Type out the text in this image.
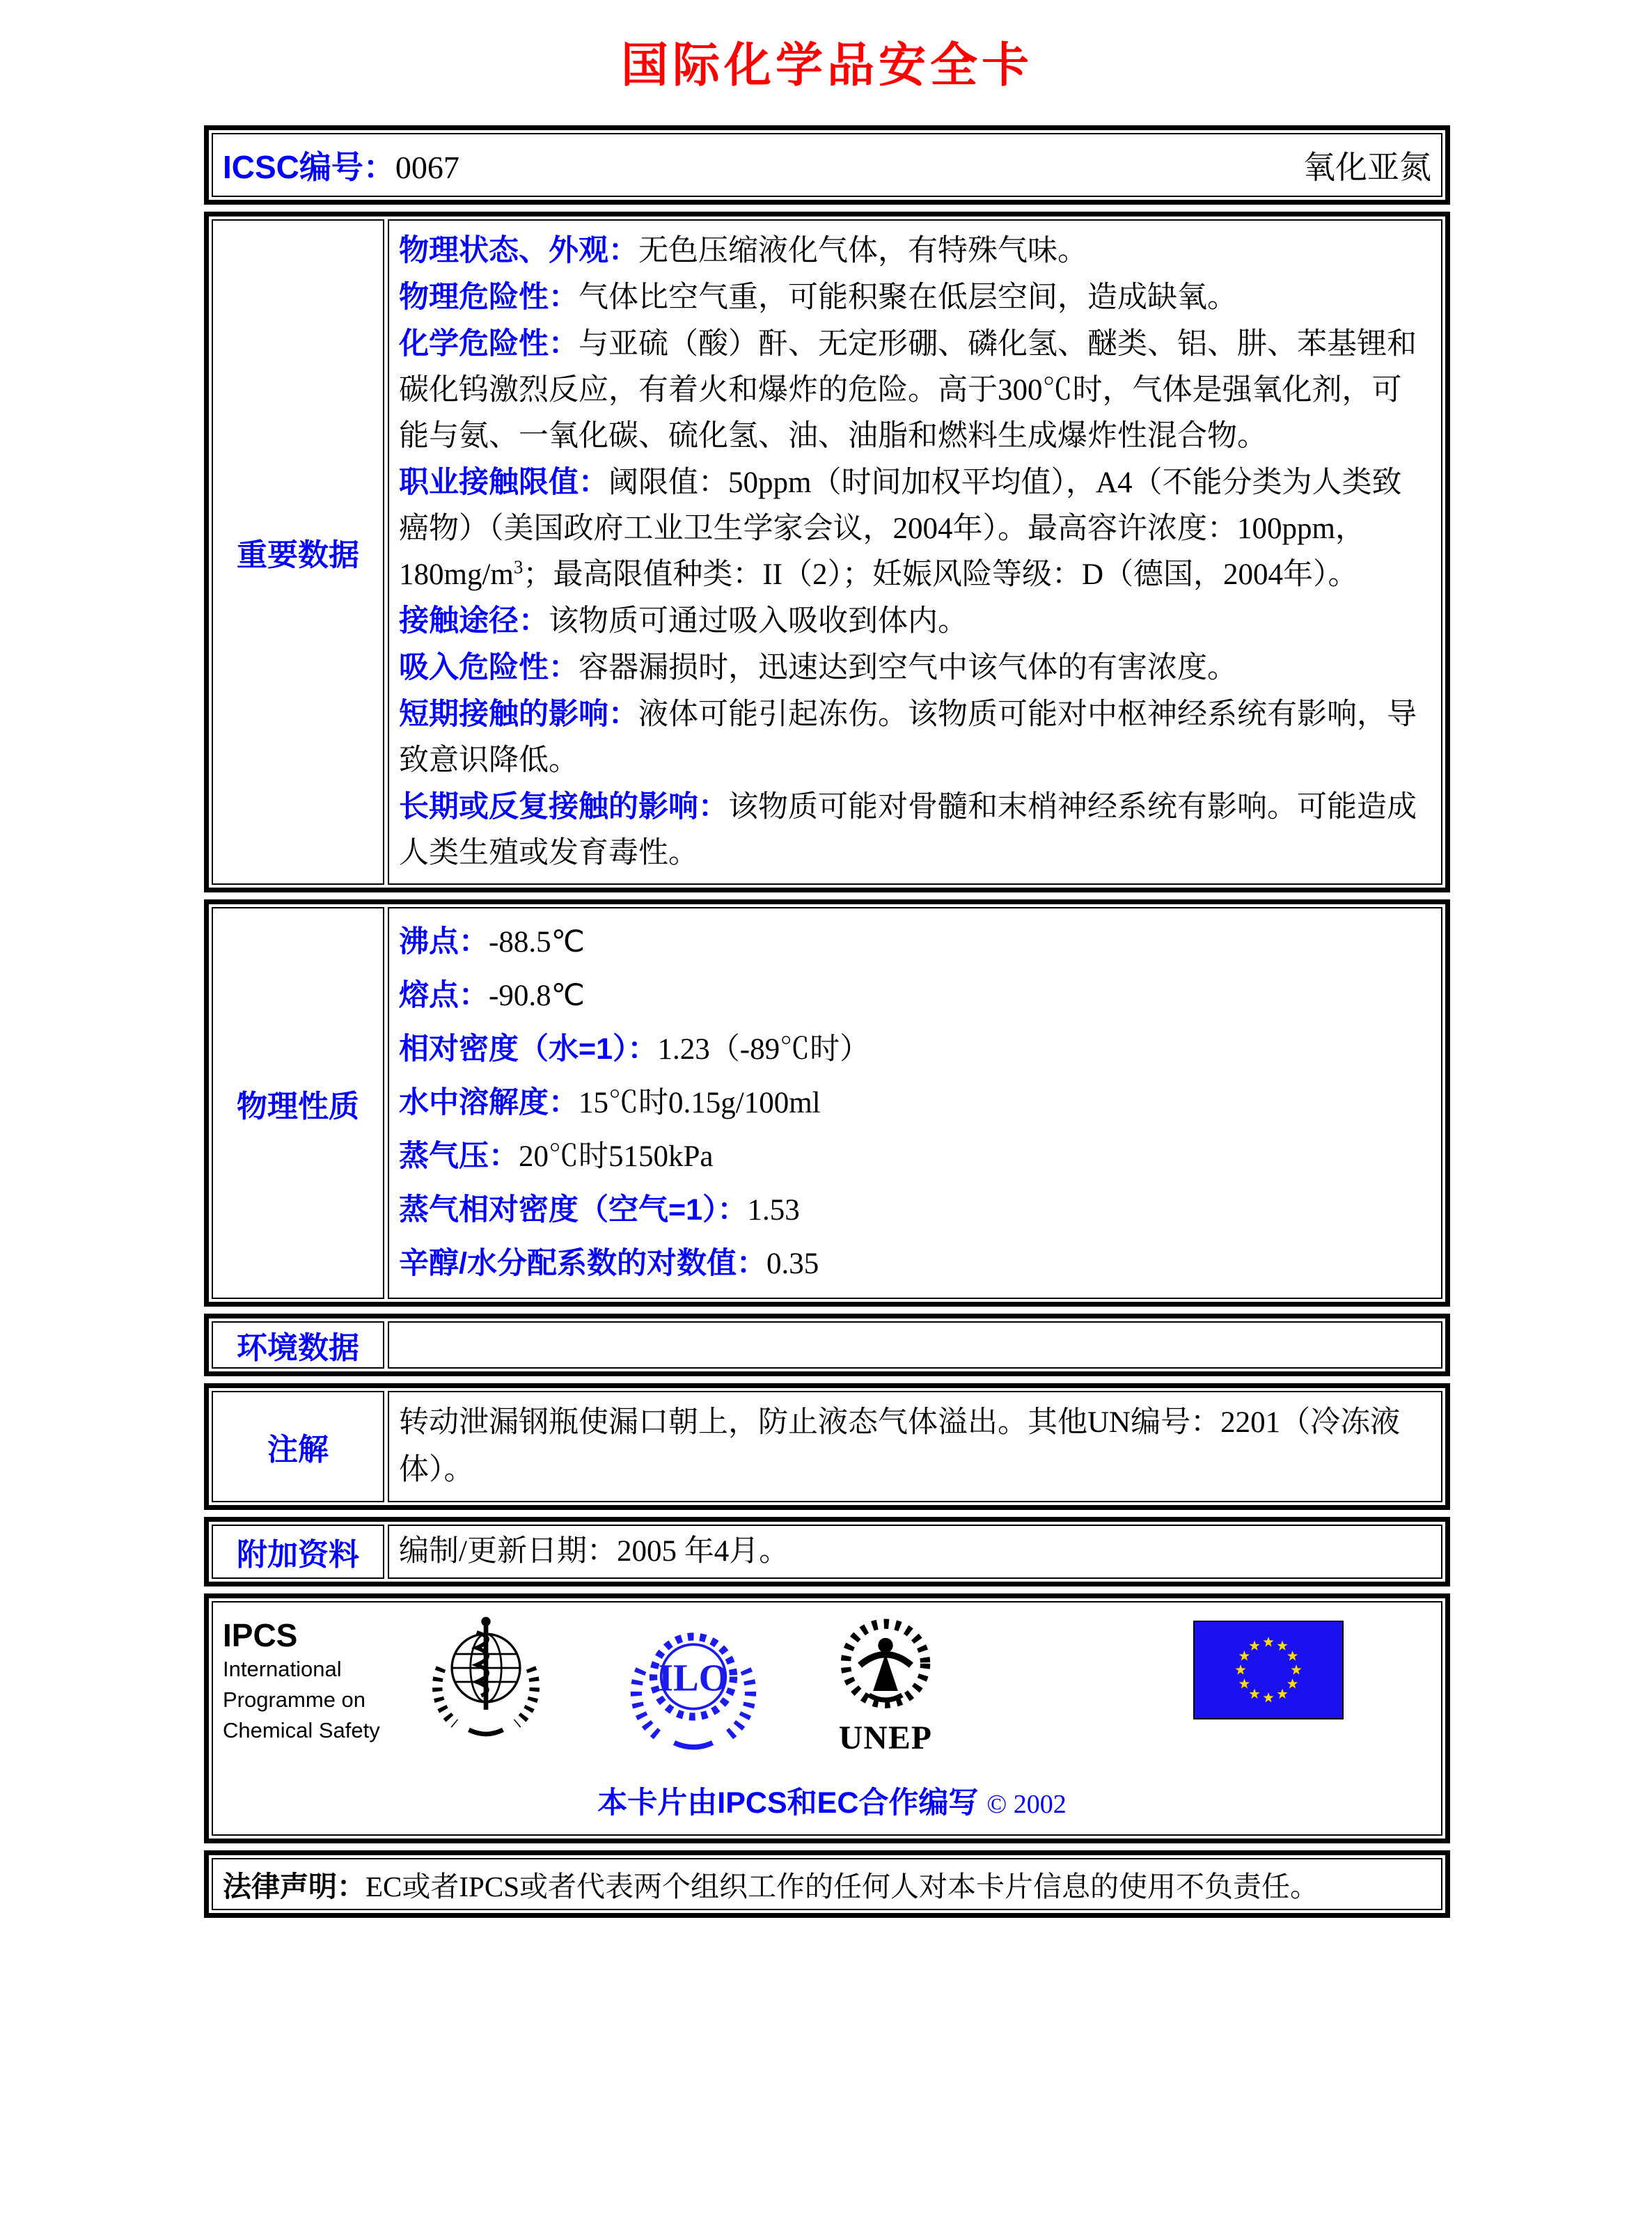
国际化学品安全卡
ICSC编号：0067	氧化亚氮
重要数据

物理状态、外观：无色压缩液化气体，有特殊气味。

物理危险性：气体比空气重，可能积聚在低层空间，造成缺氧。

化学危险性：与亚硫（酸）酐、无定形硼、磷化氢、醚类、铝、肼、苯基锂和碳化钨激烈反应，有着火和爆炸的危险。高于300℃时，气体是强氧化剂，可能与氨、一氧化碳、硫化氢、油、油脂和燃料生成爆炸性混合物。

职业接触限值：阈限值：50ppm（时间加权平均值），A4（不能分类为人类致癌物）（美国政府工业卫生学家会议，2004年）。最高容许浓度：100ppm，$180mg/m^3$；最高限值种类：II（2）；妊娠风险等级：D（德国，2004年）。

接触途径：该物质可通过吸入吸收到体内。

吸入危险性：容器漏损时，迅速达到空气中该气体的有害浓度。

短期接触的影响：液体可能引起冻伤。该物质可能对中枢神经系统有影响，导致意识降低。

长期或反复接触的影响：该物质可能对骨髓和末梢神经系统有影响。可能造成人类生殖或发育毒性。

物理性质

沸点：-88.5℃

熔点：-90.8℃

相对密度（水=1）：1.23（-89℃时）

水中溶解度：15℃时0.15g/100ml

蒸气压：20℃时5150kPa

蒸气相对密度（空气=1）：1.53

辛醇/水分配系数的对数值：0.35

环境数据
注解

转动泄漏钢瓶使漏口朝上，防止液态气体溢出。其他UN编号：2201（冷冻液体）。

附加资料 编制/更新日期：2005 年4月。
IPCS
International
Programme on
Chemical Safety
ILO
UNEP
本卡片由IPCS和EC合作编写 © 2002
法律声明： EC或者IPCS或者代表两个组织工作的任何人对本卡片信息的使用不负责任。
